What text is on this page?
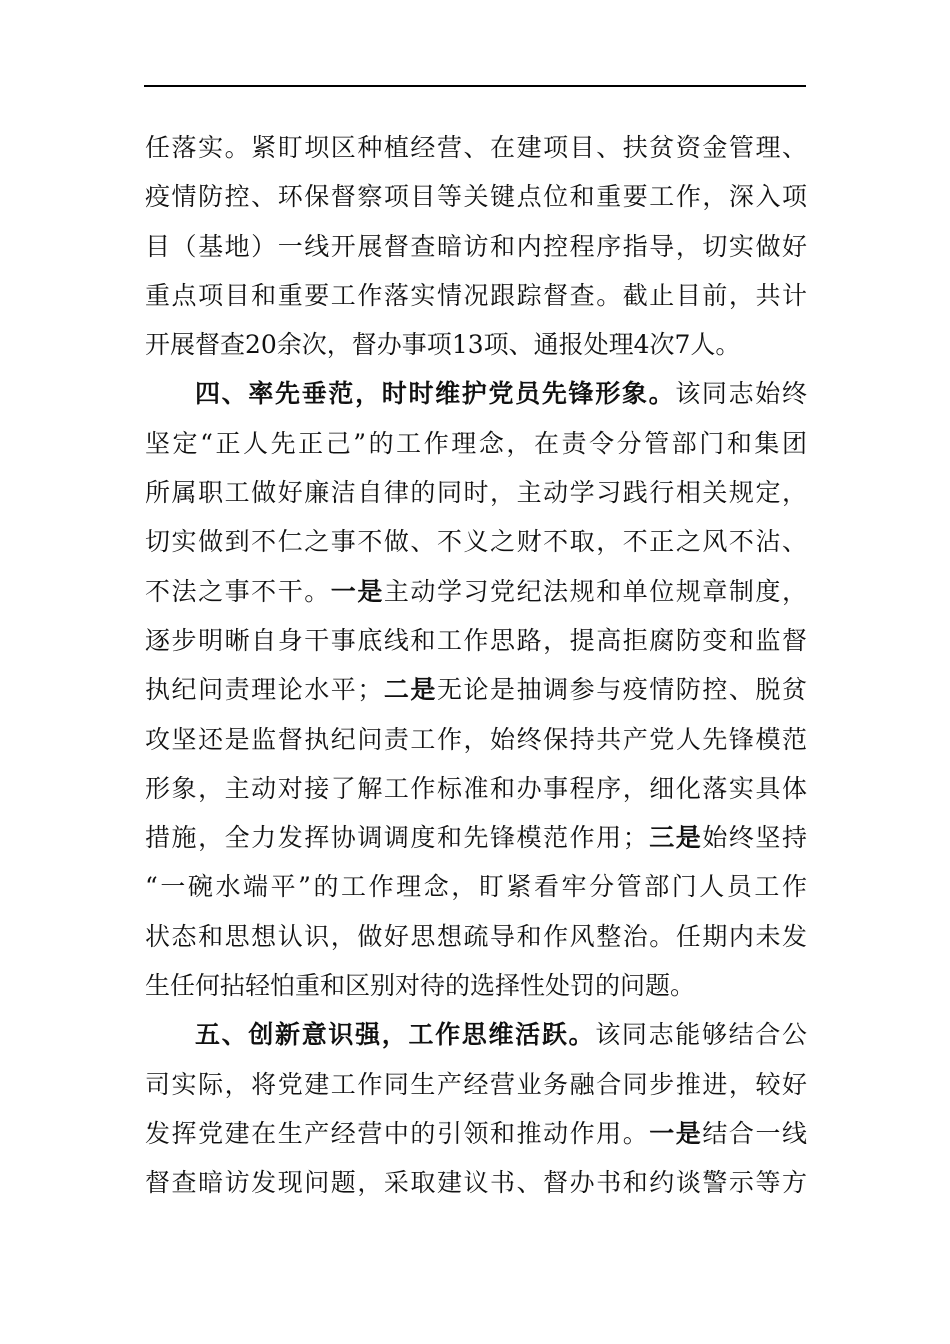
任落实。紧盯坝区种植经营、在建项目、扶贫资金管理、
疫情防控、环保督察项目等关键点位和重要工作，深入项
目（基地）一线开展督查暗访和内控程序指导，切实做好
重点项目和重要工作落实情况跟踪督查。截止目前，共计
开展督查20余次，督办事项13项、通报处理4次7人。
四、率先垂范，时时维护党员先锋形象。该同志始终
坚定“正人先正己”的工作理念，在责令分管部门和集团
所属职工做好廉洁自律的同时，主动学习践行相关规定，
切实做到不仁之事不做、不义之财不取，不正之风不沾、
不法之事不干。一是主动学习党纪法规和单位规章制度，
逐步明晰自身干事底线和工作思路，提高拒腐防变和监督
执纪问责理论水平；二是无论是抽调参与疫情防控、脱贫
攻坚还是监督执纪问责工作，始终保持共产党人先锋模范
形象，主动对接了解工作标准和办事程序，细化落实具体
措施，全力发挥协调调度和先锋模范作用；三是始终坚持
“一碗水端平”的工作理念，盯紧看牢分管部门人员工作
状态和思想认识，做好思想疏导和作风整治。任期内未发
生任何拈轻怕重和区别对待的选择性处罚的问题。
五、创新意识强，工作思维活跃。该同志能够结合公
司实际，将党建工作同生产经营业务融合同步推进，较好
发挥党建在生产经营中的引领和推动作用。一是结合一线
督查暗访发现问题，采取建议书、督办书和约谈警示等方
